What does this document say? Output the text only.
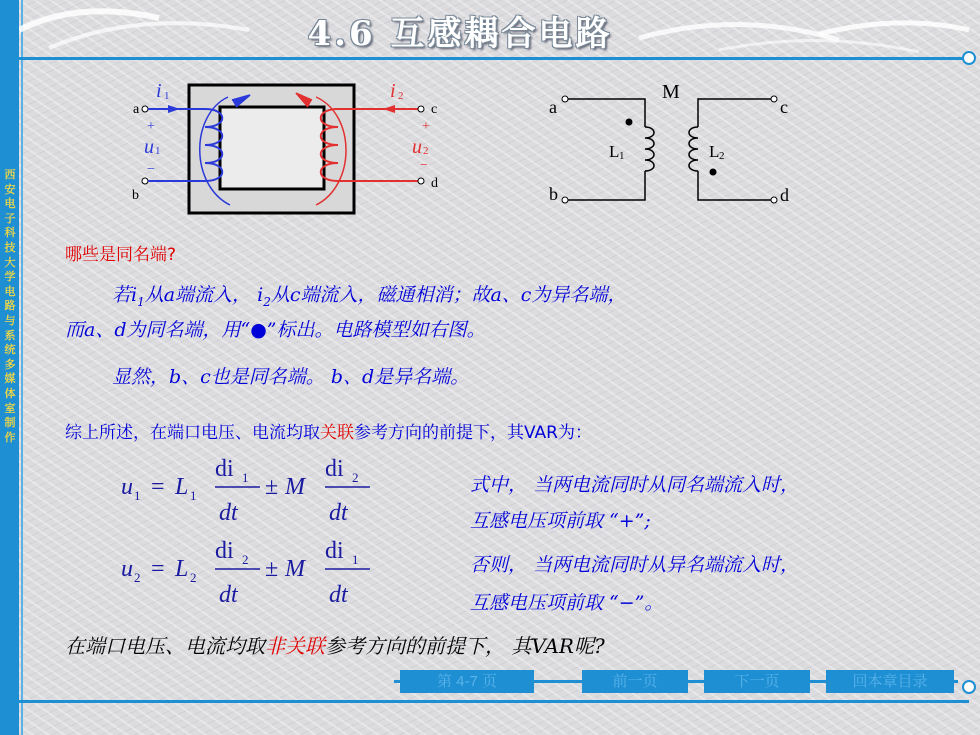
西安电子科技大学电路与系统多媒体室制作
4.6 互感耦合电路
a
b
c
d
i 1	i 2
+
u 1
−
+
u 2
−
a
b
c
d
M
L 1	L 2
哪些是同名端?
若$i_1$从a端流入， $i_2$从c端流入，磁通相消；故a、c为异名端，
而a、d为同名端，用“●”标出。电路模型如右图。
显然，b、c也是同名端。 b、d是异名端。
综上所述，在端口电压、电流均取关联参考方向的前提下，其VAR为：
u 1 = L 1
di 1
dt
± M
di 2
dt
u 2 = L 2
di 2
dt
± M
di 1
dt
式中， 当两电流同时从同名端流入时，
互感电压项前取 “+”;
否则， 当两电流同时从异名端流入时，
互感电压项前取 “−”。
在端口电压、电流均取非关联参考方向的前提下， 其VAR呢?
第 4-7 页	前一页	下一页	回本章目录
